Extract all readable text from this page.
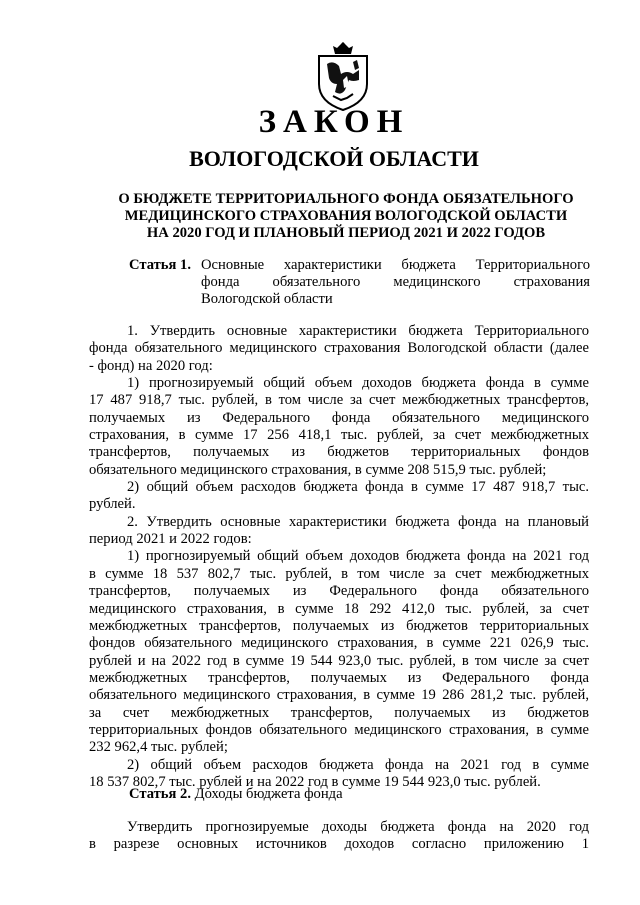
ЗАКОН
ВОЛОГОДСКОЙ ОБЛАСТИ
О БЮДЖЕТЕ ТЕРРИТОРИАЛЬНОГО ФОНДА ОБЯЗАТЕЛЬНОГО
МЕДИЦИНСКОГО СТРАХОВАНИЯ ВОЛОГОДСКОЙ ОБЛАСТИ
НА 2020 ГОД И ПЛАНОВЫЙ ПЕРИОД 2021 И 2022 ГОДОВ
Статья 1. Основные характеристики бюджета Территориального
фонда обязательного медицинского страхования
Вологодской области
1. Утвердить основные характеристики бюджета Территориального
фонда обязательного медицинского страхования Вологодской области (далее
- фонд) на 2020 год:
1) прогнозируемый общий объем доходов бюджета фонда в сумме
17 487 918,7 тыс. рублей, в том числе за счет межбюджетных трансфертов,
получаемых из Федерального фонда обязательного медицинского
страхования, в сумме 17 256 418,1 тыс. рублей, за счет межбюджетных
трансфертов, получаемых из бюджетов территориальных фондов
обязательного медицинского страхования, в сумме 208 515,9 тыс. рублей;
2) общий объем расходов бюджета фонда в сумме 17 487 918,7 тыс.
рублей.
2. Утвердить основные характеристики бюджета фонда на плановый
период 2021 и 2022 годов:
1) прогнозируемый общий объем доходов бюджета фонда на 2021 год
в сумме 18 537 802,7 тыс. рублей, в том числе за счет межбюджетных
трансфертов, получаемых из Федерального фонда обязательного
медицинского страхования, в сумме 18 292 412,0 тыс. рублей, за счет
межбюджетных трансфертов, получаемых из бюджетов территориальных
фондов обязательного медицинского страхования, в сумме 221 026,9 тыс.
рублей и на 2022 год в сумме 19 544 923,0 тыс. рублей, в том числе за счет
межбюджетных трансфертов, получаемых из Федерального фонда
обязательного медицинского страхования, в сумме 19 286 281,2 тыс. рублей,
за счет межбюджетных трансфертов, получаемых из бюджетов
территориальных фондов обязательного медицинского страхования, в сумме
232 962,4 тыс. рублей;
2) общий объем расходов бюджета фонда на 2021 год в сумме
18 537 802,7 тыс. рублей и на 2022 год в сумме 19 544 923,0 тыс. рублей.
Статья 2. Доходы бюджета фонда
Утвердить прогнозируемые доходы бюджета фонда на 2020 год
в разрезе основных источников доходов согласно приложению 1
